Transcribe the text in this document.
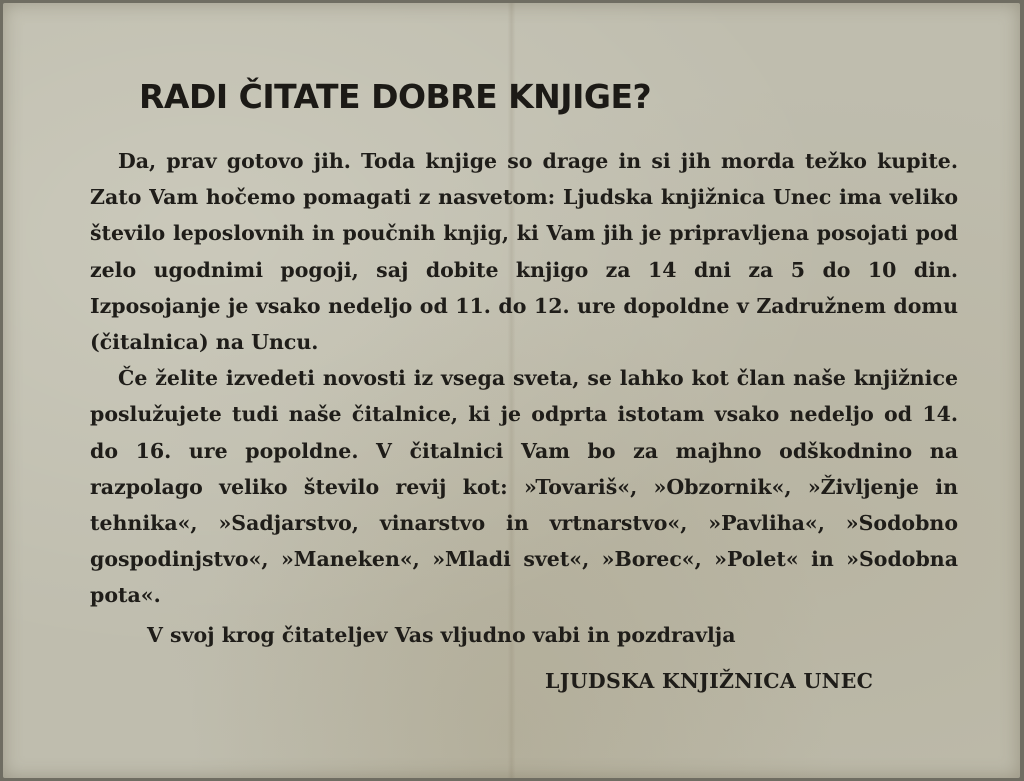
RADI ČITATE DOBRE KNJIGE?

Da, prav gotovo jih. Toda knjige so drage in si jih morda težko kupite. Zato Vam hočemo pomagati z nasvetom: Ljudska knjižnica Unec ima veliko število leposlovnih in poučnih knjig, ki Vam jih je pripravljena posojati pod zelo ugodnimi pogoji, saj dobite knjigo za 14 dni za 5 do 10 din. Izposojanje je vsako nedeljo od 11. do 12. ure dopoldne v Zadružnem domu (čitalnica) na Uncu.

Če želite izvedeti novosti iz vsega sveta, se lahko kot član naše knjižnice poslužujete tudi naše čitalnice, ki je odprta istotam vsako nedeljo od 14. do 16. ure popoldne. V čitalnici Vam bo za majhno odškodnino na razpolago veliko število revij kot: »Tovariš«, »Obzornik«, »Življenje in tehnika«, »Sadjarstvo, vinarstvo in vrtnarstvo«, »Pavliha«, »Sodobno gospodinjstvo«, »Maneken«, »Mladi svet«, »Borec«, »Polet« in »Sodobna pota«.

V svoj krog čitateljev Vas vljudno vabi in pozdravlja
LJUDSKA KNJIŽNICA UNEC
